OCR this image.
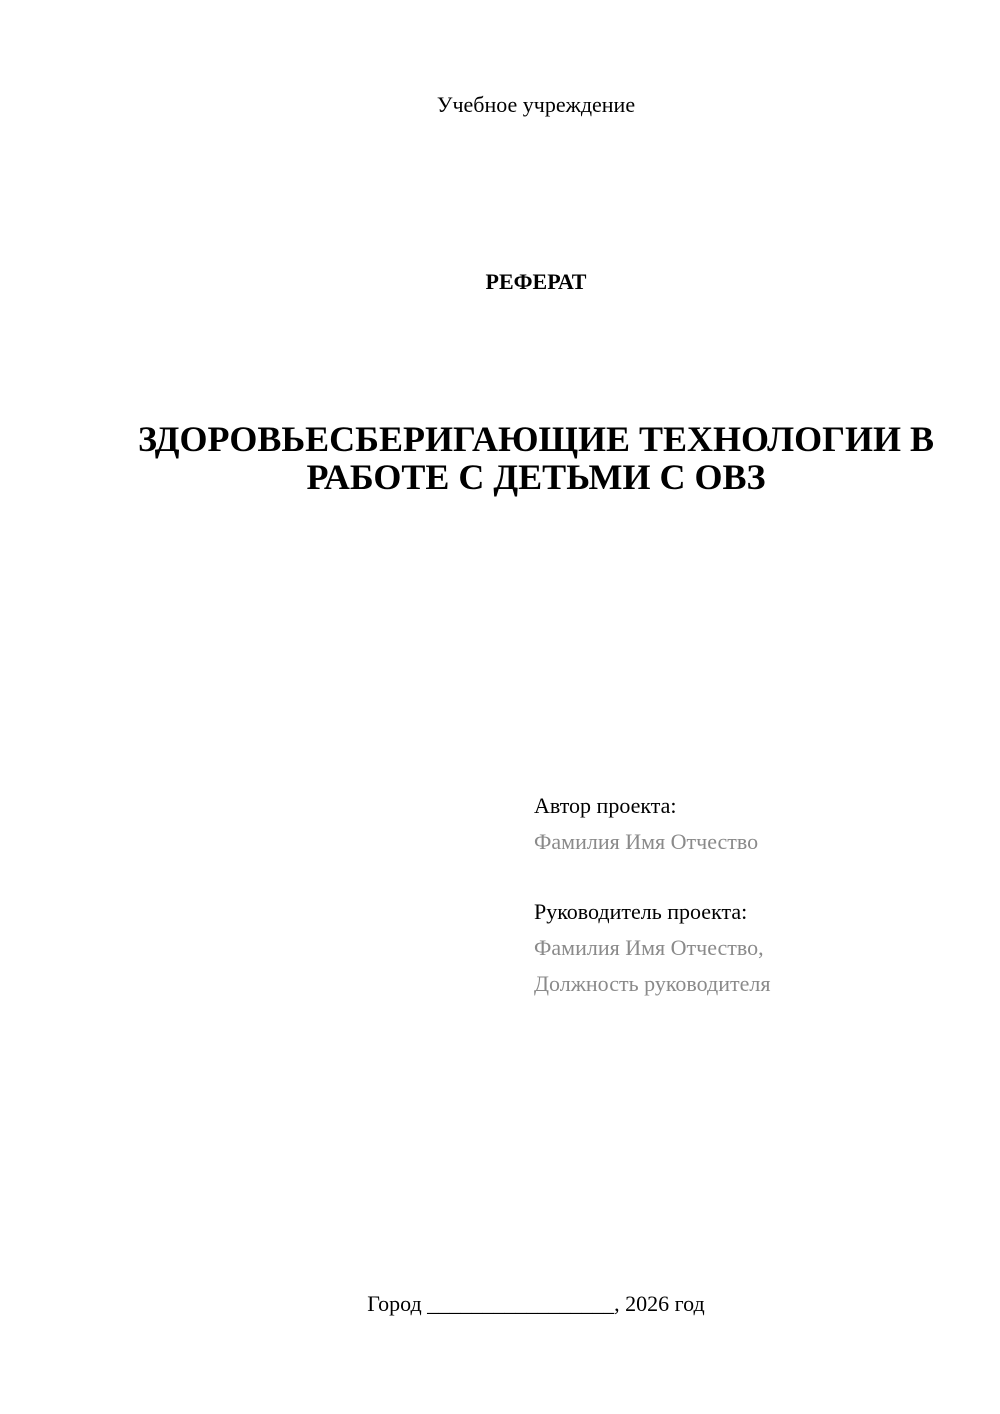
Учебное учреждение
РЕФЕРАТ
ЗДОРОВЬЕСБЕРИГАЮЩИЕ ТЕХНОЛОГИИ В РАБОТЕ С ДЕТЬМИ С ОВЗ
Автор проекта:
Фамилия Имя Отчество
Руководитель проекта:
Фамилия Имя Отчество,
Должность руководителя
Город _________________, 2026 год
